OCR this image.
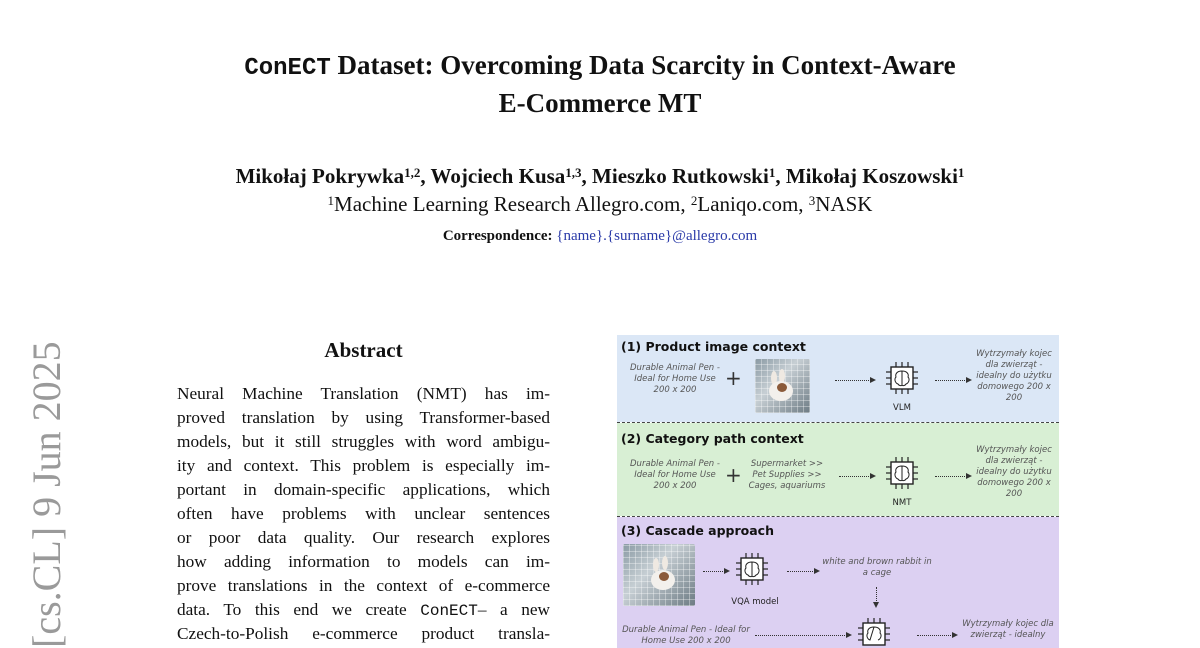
ConECT Dataset: Overcoming Data Scarcity in Context-Aware
E-Commerce MT
Mikołaj Pokrywka$^{1,2}$, Wojciech Kusa$^{1,3}$, Mieszko Rutkowski$^1$, Mikołaj Koszowski$^1$
$^1$Machine Learning Research Allegro.com, $^2$Laniqo.com, $^3$NASK
Correspondence: {name}.{surname}@allegro.com
[cs.CL] 9 Jun 2025	Abstract
Neural Machine Translation (NMT) has im-
proved translation by using Transformer-based
models, but it still struggles with word ambigu-
ity and context. This problem is especially im-
portant in domain-specific applications, which
often have problems with unclear sentences
or poor data quality. Our research explores
how adding information to models can im-
prove translations in the context of e-commerce
data. To this end we create ConECT– a new
Czech-to-Polish e-commerce product transla-
(1) Product image context
Durable Animal Pen - Ideal for Home Use 200 x 200	+
VLM
Wytrzymały kojec dla zwierząt - idealny do użytku domowego 200 x 200
(2) Category path context
Durable Animal Pen - Ideal for Home Use 200 x 200	+	Supermarket >> Pet Supplies >> Cages, aquariums
NMT
Wytrzymały kojec dla zwierząt - idealny do użytku domowego 200 x 200
(3) Cascade approach
VQA model
white and brown rabbit in a cage
Durable Animal Pen - Ideal for Home Use 200 x 200
Wytrzymały kojec dla zwierząt - idealny
